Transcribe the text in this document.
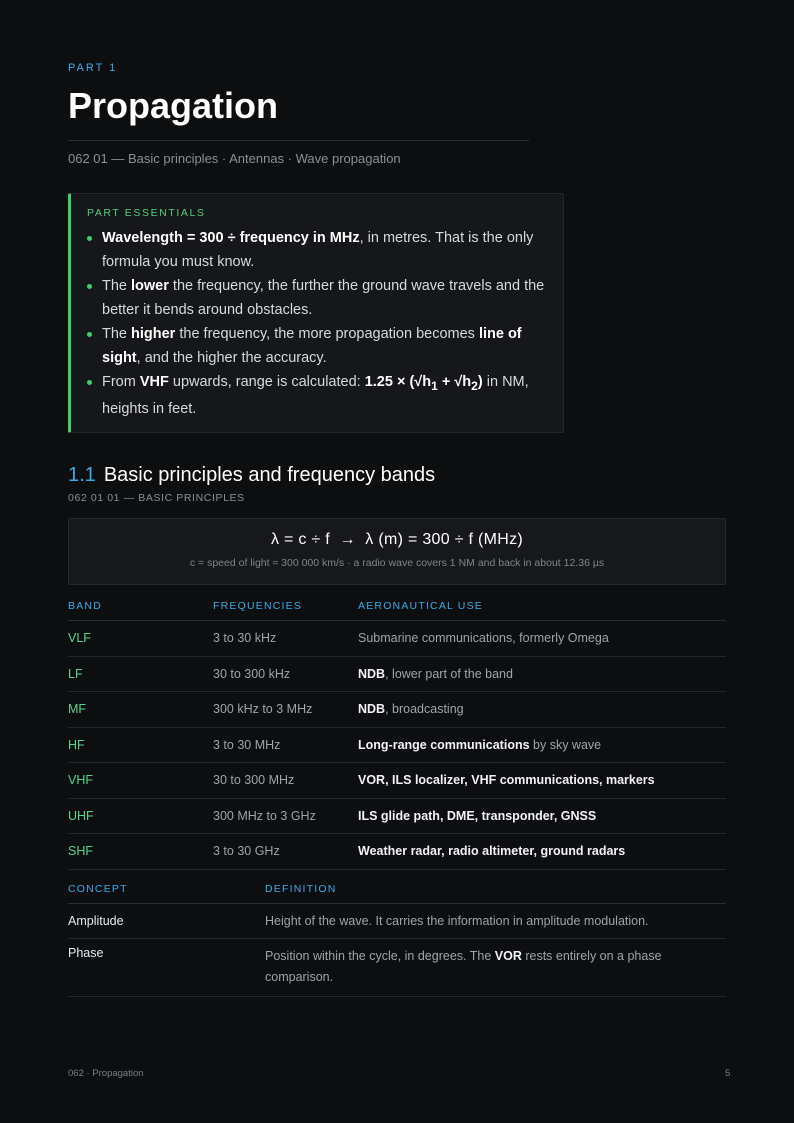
PART 1
Propagation
062 01 — Basic principles · Antennas · Wave propagation
PART ESSENTIALS
Wavelength = 300 ÷ frequency in MHz, in metres. That is the only formula you must know.
The lower the frequency, the further the ground wave travels and the better it bends around obstacles.
The higher the frequency, the more propagation becomes line of sight, and the higher the accuracy.
From VHF upwards, range is calculated: $1.25 \times (√h_1 + √h_2)$ in NM, heights in feet.
1.1 Basic principles and frequency bands
062 01 01 — BASIC PRINCIPLES
λ = c ÷ f  →  λ (m) = 300 ÷ f (MHz)
c = speed of light ≈ 300 000 km/s · a radio wave covers 1 NM and back in about 12.36 µs
BAND	FREQUENCIES	AERONAUTICAL USE
VLF	3 to 30 kHz	Submarine communications, formerly Omega
LF	30 to 300 kHz	NDB, lower part of the band
MF	300 kHz to 3 MHz	NDB, broadcasting
HF	3 to 30 MHz	Long-range communications by sky wave
VHF	30 to 300 MHz	VOR, ILS localizer, VHF communications, markers
UHF	300 MHz to 3 GHz	ILS glide path, DME, transponder, GNSS
SHF	3 to 30 GHz	Weather radar, radio altimeter, ground radars
CONCEPT	DEFINITION
Amplitude	Height of the wave. It carries the information in amplitude modulation.
Phase	Position within the cycle, in degrees. The VOR rests entirely on a phase comparison.
062 · Propagation	5
